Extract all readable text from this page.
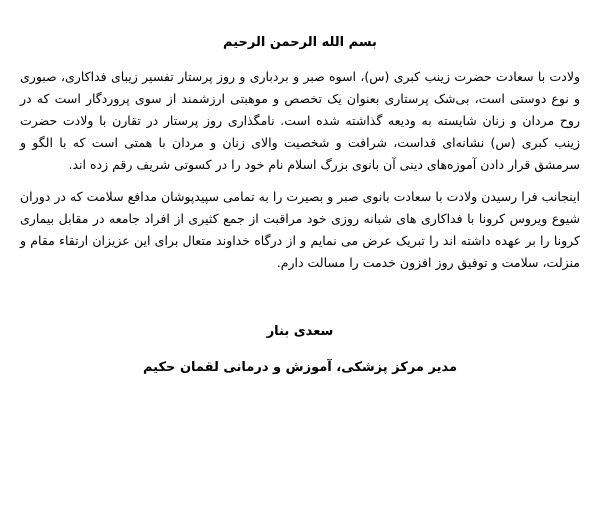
بسم الله الرحمن الرحیم

ولادت با سعادت حضرت زینب کبری (س)، اسوه صبر و بردباری و روز پرستار تفسیر زیبای فداکاری، صبوری و نوع دوستی است، بی‌شک پرستاری بعنوان یک تخصص و موهبتی ارزشمند از سوی پروردگار است که در روح مردان و زنان شایسته به ودیعه گذاشته شده است. نامگذاری روز پرستار در تقارن با ولادت حضرت زینب کبری (س) نشانه‌ای قداست، شرافت و شخصیت والای زنان و مردان با همتی است که با الگو و سرمشق قرار دادن آموزه‌های دینی آن بانوی بزرگ اسلام نام خود را در کسوتی شریف رقم زده اند.

اینجانب فرا رسیدن ولادت با سعادت بانوی صبر و بصیرت را به تمامی سپیدپوشان مدافع سلامت که در دوران شیوع ویروس کرونا با فداکاری های شبانه روزی خود مراقبت از جمع کثیری از افراد جامعه در مقابل بیماری کرونا را بر عهده داشته اند را تبریک عرض می نمایم و از درگاه خداوند متعال برای این عزیزان ارتقاء مقام و منزلت، سلامت و توفیق روز افزون خدمت را مسالت دارم.

سعدی بنار
مدیر مرکز پزشکی، آموزش و درمانی لقمان حکیم
